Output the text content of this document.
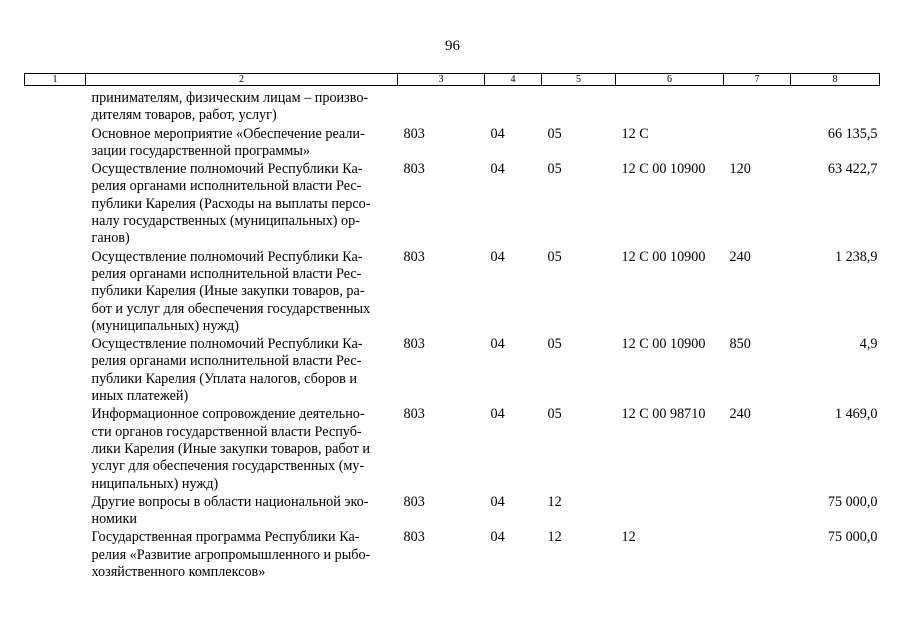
96
1	2	3	4	5	6	7	8
	принимателям, физическим лицам – произво-
дителям товаров, работ, услуг)						
	Основное мероприятие «Обеспечение реали-
зации государственной программы»	803	04	05	12 С		66 135,5
	Осуществление полномочий Республики Ка-
релия органами исполнительной власти Рес-
публики Карелия (Расходы на выплаты персо-
налу государственных (муниципальных) ор-
ганов)	803	04	05	12 С 00 10900	120	63 422,7
	Осуществление полномочий Республики Ка-
релия органами исполнительной власти Рес-
публики Карелия (Иные закупки товаров, ра-
бот и услуг для обеспечения государственных
(муниципальных) нужд)	803	04	05	12 С 00 10900	240	1 238,9
	Осуществление полномочий Республики Ка-
релия органами исполнительной власти Рес-
публики Карелия (Уплата налогов, сборов и
иных платежей)	803	04	05	12 С 00 10900	850	4,9
	Информационное сопровождение деятельно-
сти органов государственной власти Респуб-
лики Карелия (Иные закупки товаров, работ и
услуг для обеспечения государственных (му-
ниципальных) нужд)	803	04	05	12 С 00 98710	240	1 469,0
	Другие вопросы в области национальной эко-
номики	803	04	12			75 000,0
	Государственная программа Республики Ка-
релия «Развитие агропромышленного и рыбо-
хозяйственного комплексов»	803	04	12	12		75 000,0
